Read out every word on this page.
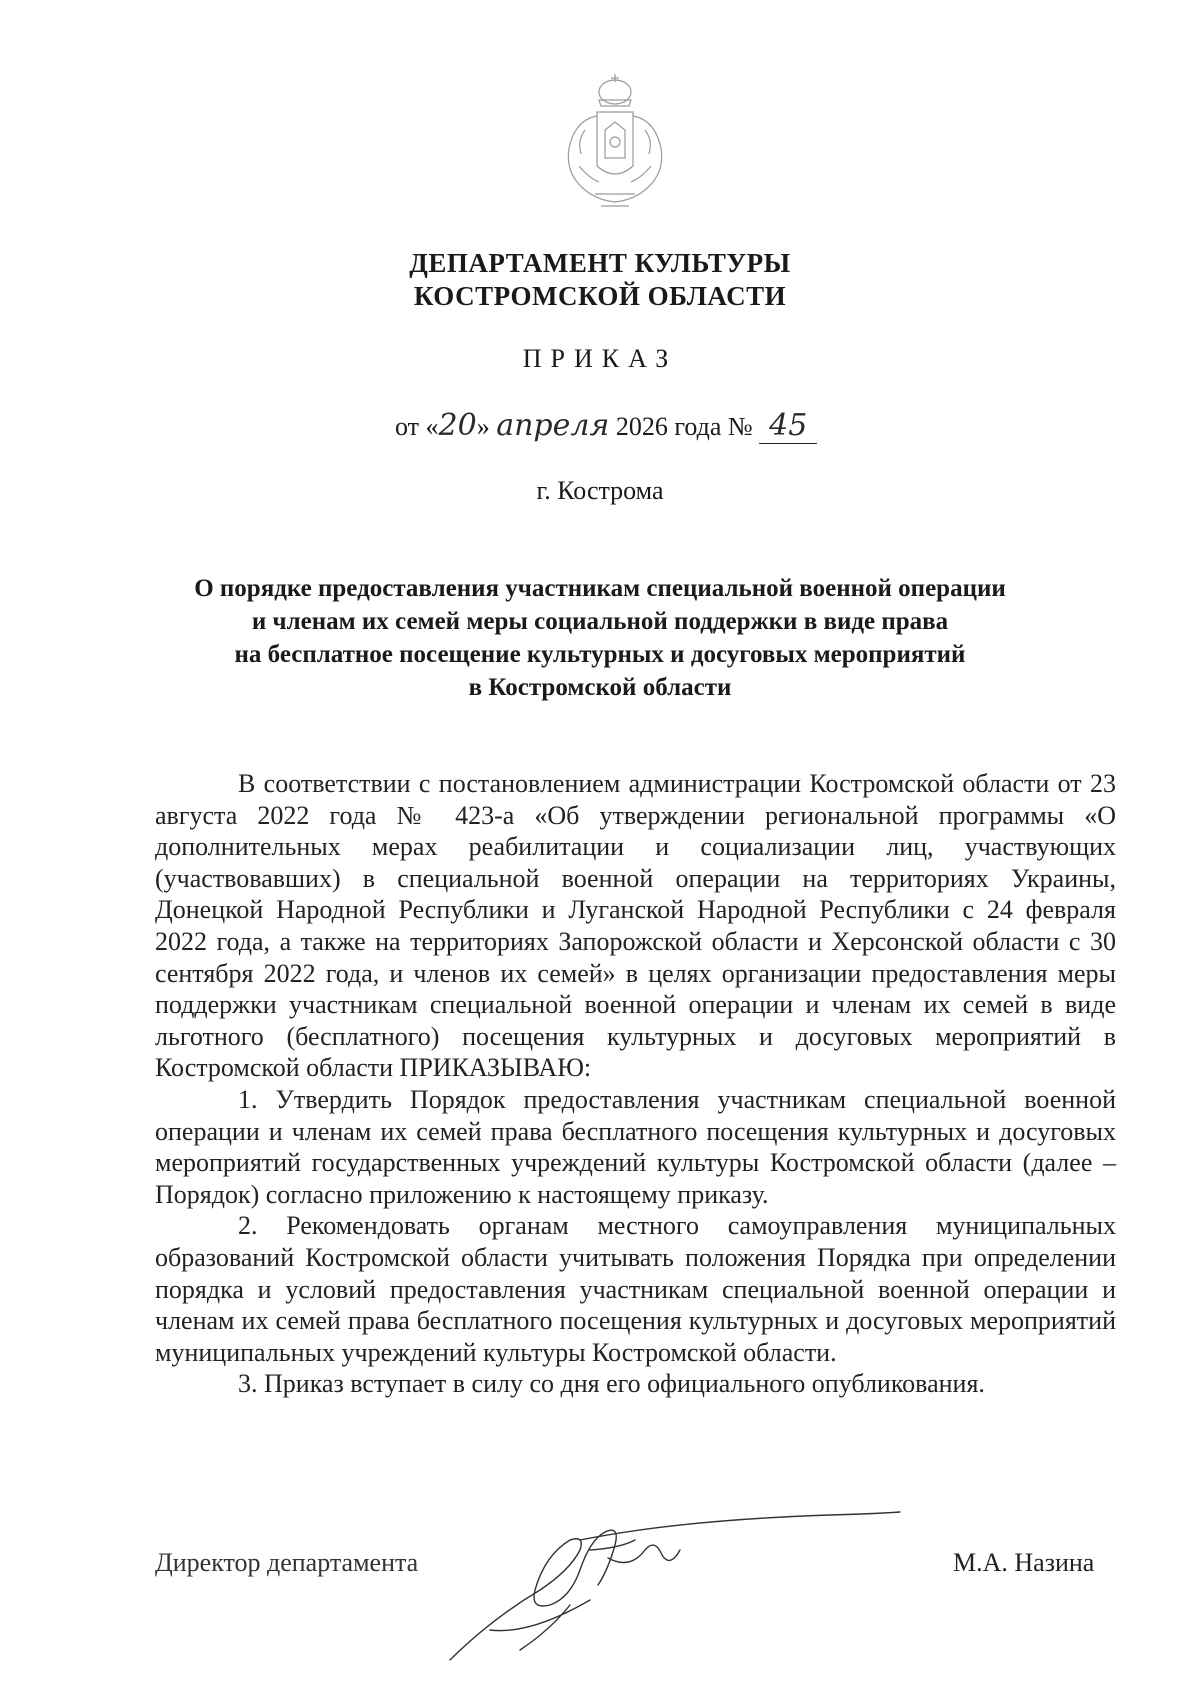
ДЕПАРТАМЕНТ КУЛЬТУРЫ
КОСТРОМСКОЙ ОБЛАСТИ
ПРИКАЗ
от «20» апреля 2026 года № 45
г. Кострома
О порядке предоставления участникам специальной военной операции
и членам их семей меры социальной поддержки в виде права
на бесплатное посещение культурных и досуговых мероприятий
в Костромской области

В соответствии с постановлением администрации Костромской области от 23 августа 2022 года № 423-а «Об утверждении региональной программы «О дополнительных мерах реабилитации и социализации лиц, участвующих (участвовавших) в специальной военной операции на территориях Украины, Донецкой Народной Республики и Луганской Народной Республики с 24 февраля 2022 года, а также на территориях Запорожской области и Херсонской области с 30 сентября 2022 года, и членов их семей» в целях организации предоставления меры поддержки участникам специальной военной операции и членам их семей в виде льготного (бесплатного) посещения культурных и досуговых мероприятий в Костромской области ПРИКАЗЫВАЮ:

1. Утвердить Порядок предоставления участникам специальной военной операции и членам их семей права бесплатного посещения культурных и досуговых мероприятий государственных учреждений культуры Костромской области (далее – Порядок) согласно приложению к настоящему приказу.

2. Рекомендовать органам местного самоуправления муниципальных образований Костромской области учитывать положения Порядка при определении порядка и условий предоставления участникам специальной военной операции и членам их семей права бесплатного посещения культурных и досуговых мероприятий муниципальных учреждений культуры Костромской области.

3. Приказ вступает в силу со дня его официального опубликования.

Директор департамента	М.А. Назина
